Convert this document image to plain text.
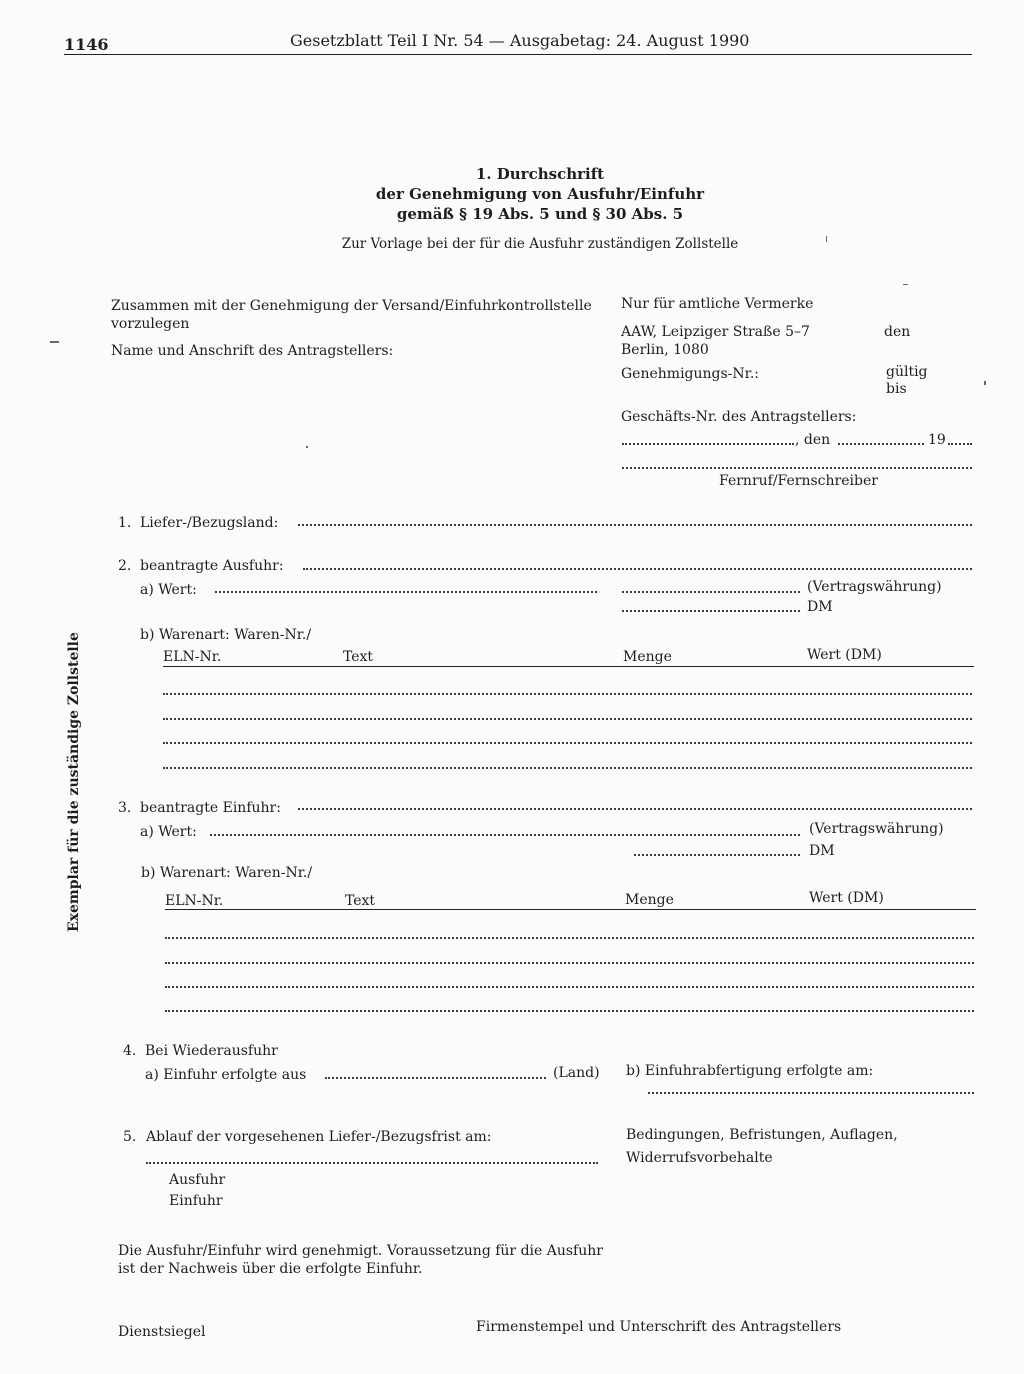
1146	Gesetzblatt Teil I Nr. 54 — Ausgabetag: 24. August 1990
1. Durchschrift
der Genehmigung von Ausfuhr/Einfuhr
gemäß § 19 Abs. 5 und § 30 Abs. 5
Zur Vorlage bei der für die Ausfuhr zuständigen Zollstelle
Exemplar für die zuständige Zollstelle
Zusammen mit der Genehmigung der Versand/Einfuhrkontrollstelle
vorzulegen
Name und Anschrift des Antragstellers:
Nur für amtliche Vermerke
AAW, Leipziger Straße 5–7
Berlin, 1080
den
Genehmigungs-Nr.:	gültig
bis
Geschäfts-Nr. des Antragstellers:
, den	19
Fernruf/Fernschreiber
1. Liefer-/Bezugsland:
2. beantragte Ausfuhr:
a) Wert:	(Vertragswährung)
DM
b) Warenart: Waren-Nr./
ELN-Nr.	Text	Menge	Wert (DM)
3. beantragte Einfuhr:
a) Wert:	(Vertragswährung)
DM
b) Warenart: Waren-Nr./
ELN-Nr.	Text	Menge	Wert (DM)
4. Bei Wiederausfuhr
a) Einfuhr erfolgte aus	(Land) b) Einfuhrabfertigung erfolgte am:
5. Ablauf der vorgesehenen Liefer-/Bezugsfrist am:
Ausfuhr
Einfuhr
Bedingungen, Befristungen, Auflagen,
Widerrufsvorbehalte
Die Ausfuhr/Einfuhr wird genehmigt. Voraussetzung für die Ausfuhr
ist der Nachweis über die erfolgte Einfuhr.
Dienstsiegel	Firmenstempel und Unterschrift des Antragstellers
